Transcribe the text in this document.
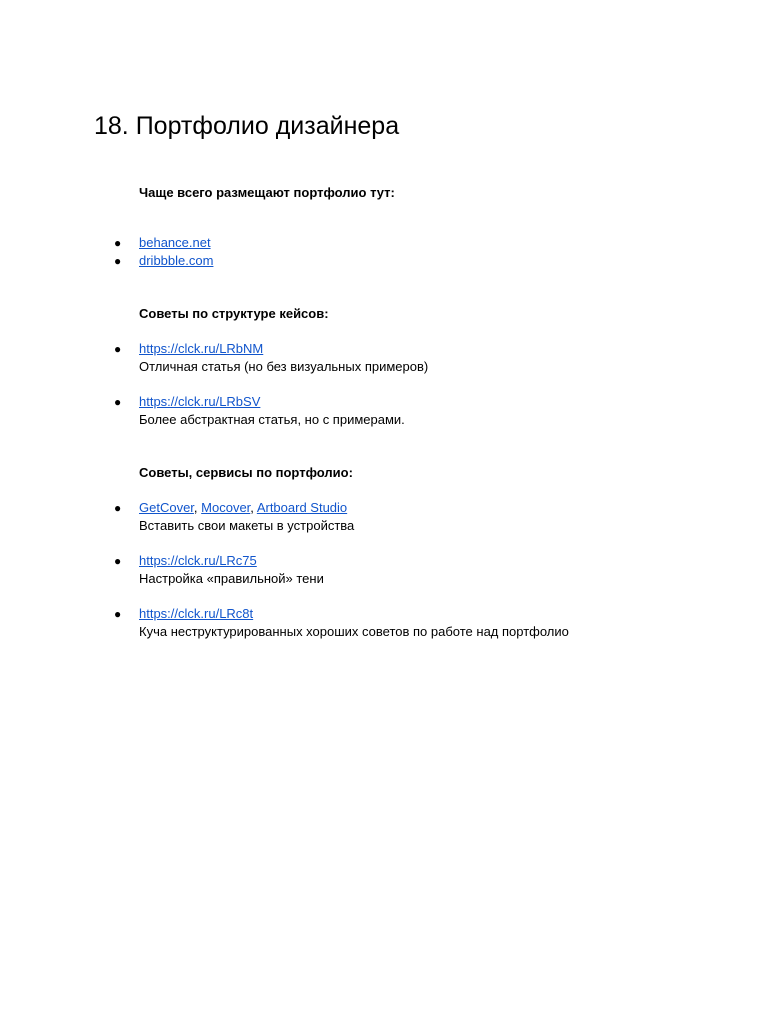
18. Портфолио дизайнера
Чаще всего размещают портфолио тут:
● behance.net
● dribbble.com
Советы по структуре кейсов:
● https://clck.ru/LRbNM
Отличная статья (но без визуальных примеров)
● https://clck.ru/LRbSV
Более абстрактная статья, но с примерами.
Советы, сервисы по портфолио:
● GetCover, Mocover, Artboard Studio
Вставить свои макеты в устройства
● https://clck.ru/LRc75
Настройка «правильной» тени
● https://clck.ru/LRc8t
Куча неструктурированных хороших советов по работе над портфолио
